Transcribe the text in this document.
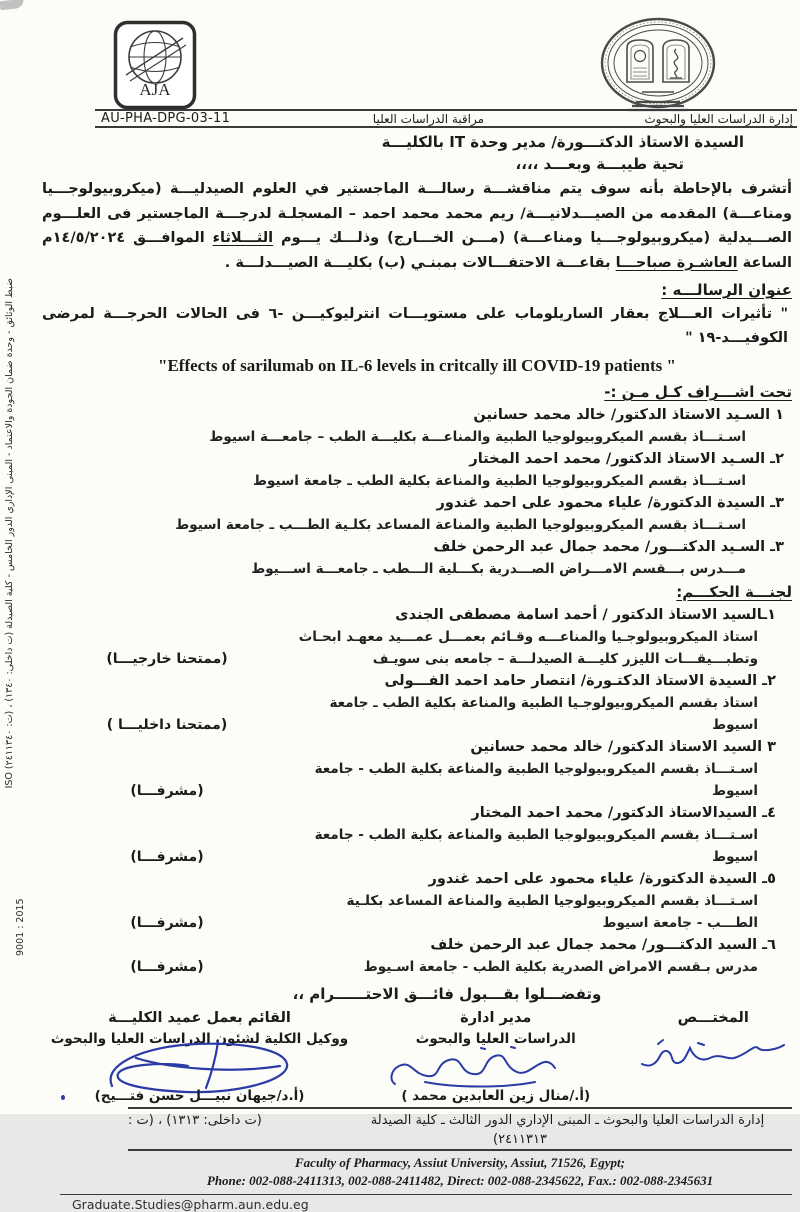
AJA
AU-PHA-DPG-03-11	مراقبة الدراسات العليا	إدارة الدراسات العليا والبحوث
ضبط الوثائق - وحدة ضمان الجودة والاعتماد - المبنى الإداري الدور الخامس - كلية الصيدلة (ت داخلى: ١٣٤٠) ، (ت: ٢٤١١٣٤٠) ISO
9001 : 2015
السيدة الاستاذ الدكتـــورة/ مدير وحدة IT بالكليـــة
تحية طيبـــة وبعـــد ،،،،
أتشرف بالإحاطة بأنه سوف يتم مناقشـــة رسالـــة الماجستير في العلوم الصيدليـــة (ميكروبيولوجـــيا ومناعـــة) المقدمه من الصيـــدلانيـــة/ ريم محمد محمد احمد – المسجلـة لدرجـــة الماجستير فى العلـــوم الصـــيدلية (ميكروبيولوجـــيا ومناعـــة) (مـــن الخـــارج) وذلـــك يـــوم الثـــلاثاء الموافـــق ١٤/٥/٢٠٢٤م الساعة العاشـرة صباحـــا بقاعـــة الاحتفـــالات بمبنـي (ب) بكليـــة الصيـــدلـــة .
عنوان الرسالـــه :
" تأثيرات العـــلاج بعقار الساريلوماب على مستويـــات انترليوكيـــن -٦ فى الحالات الحرجـــة لمرضى الكوفيـــد-١٩ "
"Effects of sarilumab on IL-6 levels in critcally ill COVID-19 patients "
تحت اشـــراف كـل مـن :-
١ السـيد الاستاذ الدكتور/ خالد محمد حسانين
اسـتـــاذ بقسم الميكروبيولوجيا الطبية والمناعـــة بكليـــة الطب – جامعـــة اسيوط
٢ـ السـيد الاستاذ الدكتور/ محمد احمد المختار
اسـتـــاذ بقسم الميكروبيولوجيا الطبية والمناعة بكلية الطب ـ جامعة اسيوط
٣ـ السيدة الدكتورة/ علياء محمود على احمد غندور
اسـتـــاذ بقسم الميكروبيولوجيا الطبية والمناعة المساعد بكلـية الطـــب ـ جامعة اسيوط
٣ـ السـيد الدكتـــور/ محمد جمال عبد الرحمن خلف
مـــدرس بـــقسم الامـــراض الصـــدرية بكـــلية الـــطب ـ جامعـــة اســـيوط
لجنـــة الحكـــم:
١ـالسيد الاستاذ الدكتور / أحمد اسامة مصطفى الجندى
استاذ الميكروبيولوجـيا والمناعـــه وقـائم بعمـــل عمـــيد معهـد ابحـاث وتطبـــيقـــات الليزر كليـــة الصيدلـــة – جامعه بنى سويـف
(ممتحنا خارجيـــا)
٢ـ السيدة الاستاذ الدكتـورة/ انتصار حامد احمد الفـــولى
استاذ بقسم الميكروبيولوجـيا الطبية والمناعة بكلية الطب ـ جامعة اسيوط
(ممتحنا داخليـــا )
٣ السيد الاستاذ الدكتور/ خالد محمد حسانين
اسـتـــاذ بقسم الميكروبيولوجيا الطبية والمناعة بكلية الطب - جامعة اسيوط
(مشرفـــا)
٤ـ السيدالاستاذ الدكتور/ محمد احمد المختار
اسـتـــاذ بقسم الميكروبيولوجيا الطبية والمناعة بكلية الطب - جامعة اسيوط
(مشرفـــا)
٥ـ السيدة الدكتورة/ علياء محمود على احمد غندور
اسـتـــاذ بقسم الميكروبيولوجيا الطبية والمناعة المساعد بكلـية الطـــب - جامعة اسيوط
(مشرفـــا)
٦ـ السيد الدكتـــور/ محمد جمال عبد الرحمن خلف
مدرس بـقسم الامراض الصدرية بكلية الطب - جامعة اسـيوط
(مشرفـــا)
وتفضـــلوا بقـــبول فائـــق الاحتــــــرام ،،
المختـــص
مدير ادارة
الدراسات العليا والبحوث
(أ./منال زين العابدين محمد )
القائم بعمل عميد الكليـــة
ووكيل الكلية لشئون الدراسات العليا والبحوث
(أ.د/جيهان نبيـــل حسن فتـــيح)
إدارة الدراسات العليا والبحوث ـ المبنى الإداري الدور الثالث ـ كلية الصيدلة
(ت داخلى: ١٣١٣) ، (ت :
٢٤١١٣١٣)
Faculty of Pharmacy, Assiut University, Assiut, 71526, Egypt;
Phone: 002-088-2411313, 002-088-2411482, Direct: 002-088-2345622, Fax.: 002-088-2345631
Graduate.Studies@pharm.aun.edu.eg
